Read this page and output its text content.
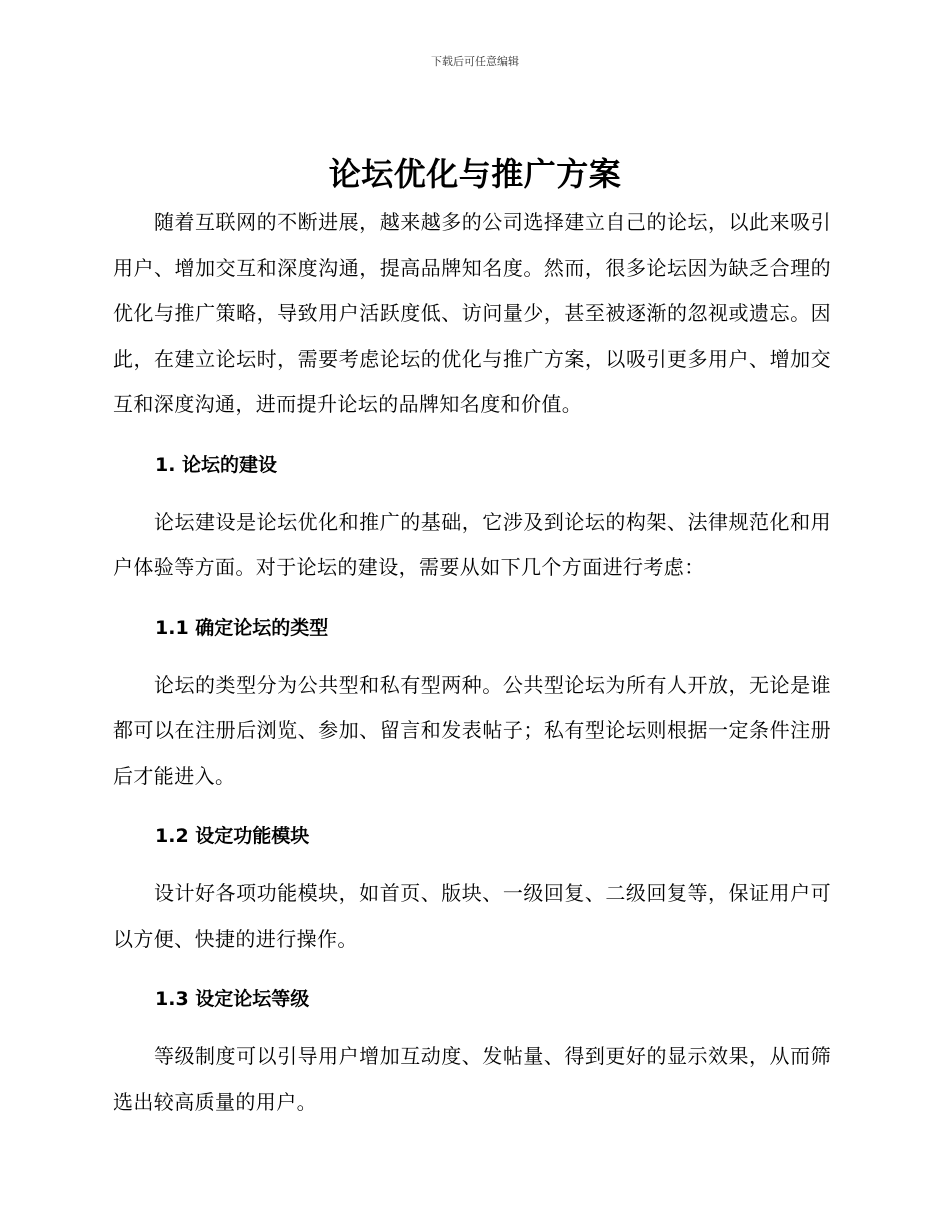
下载后可任意编辑
论坛优化与推广方案

随着互联网的不断进展，越来越多的公司选择建立自己的论坛，以此来吸引用户、增加交互和深度沟通，提高品牌知名度。然而，很多论坛因为缺乏合理的优化与推广策略，导致用户活跃度低、访问量少，甚至被逐渐的忽视或遗忘。因此，在建立论坛时，需要考虑论坛的优化与推广方案，以吸引更多用户、增加交互和深度沟通，进而提升论坛的品牌知名度和价值。

1. 论坛的建设

论坛建设是论坛优化和推广的基础，它涉及到论坛的构架、法律规范化和用户体验等方面。对于论坛的建设，需要从如下几个方面进行考虑：

1.1 确定论坛的类型

论坛的类型分为公共型和私有型两种。公共型论坛为所有人开放，无论是谁都可以在注册后浏览、参加、留言和发表帖子；私有型论坛则根据一定条件注册后才能进入。

1.2 设定功能模块

设计好各项功能模块，如首页、版块、一级回复、二级回复等，保证用户可以方便、快捷的进行操作。

1.3 设定论坛等级

等级制度可以引导用户增加互动度、发帖量、得到更好的显示效果，从而筛选出较高质量的用户。
